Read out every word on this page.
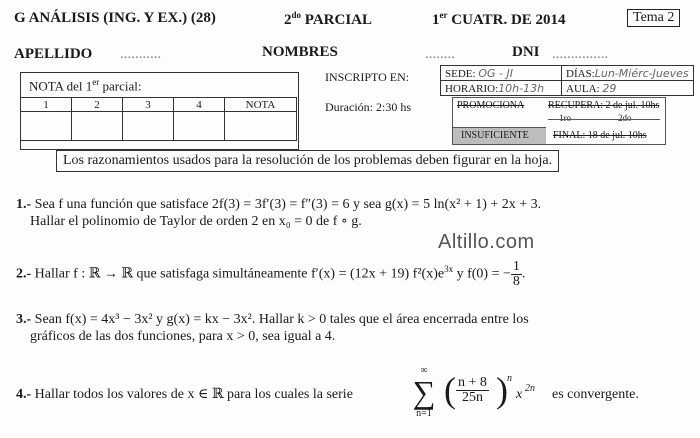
G ANÁLISIS (ING. Y EX.) (28)	$2^{do}$ PARCIAL	1er CUATR. DE 2014	Tema 2
APELLIDO ...........	NOMBRES	........	DNI ...............
NOTA del 1er parcial:
1	2	3	4	NOTA

INSCRIPTO EN:
Duración: 2:30 hs
SEDE: OG - JI	DÍAS:Lun-Miérc-Jueves
HORARIO:10h-13h	AULA: 29
PROMOCIONA RECUPERA: 2 de jul. 10hs
1ro	2do
INSUFICIENTE FINAL: 18 de jul. 10hs
Los razonamientos usados para la resolución de los problemas deben figurar en la hoja.
1.- Sea f una función que satisface 2f(3) = 3f′(3) = f″(3) = 6 y sea g(x) = 5 ln(x² + 1) + 2x + 3.
Hallar el polinomio de Taylor de orden 2 en x₀ = 0 de f ∘ g.
Altillo.com
2.- Hallar f : ℝ → ℝ que satisfaga simultáneamente f′(x) = (12x + 19) $f^2(x)e^{3x}$ y f(0) = − $\frac{1}{8}$ .
3.- Sean f(x) = 4x³ − 3x² y g(x) = kx − 3x². Hallar k > 0 tales que el área encerrada entre los
gráficos de las dos funciones, para x > 0, sea igual a 4.
4.- Hallar todos los valores de x ∈ ℝ para los cuales la serie
∞
∑
n=1
( $\frac{n + 8}{25n}$ ) n
x 2n es convergente.
